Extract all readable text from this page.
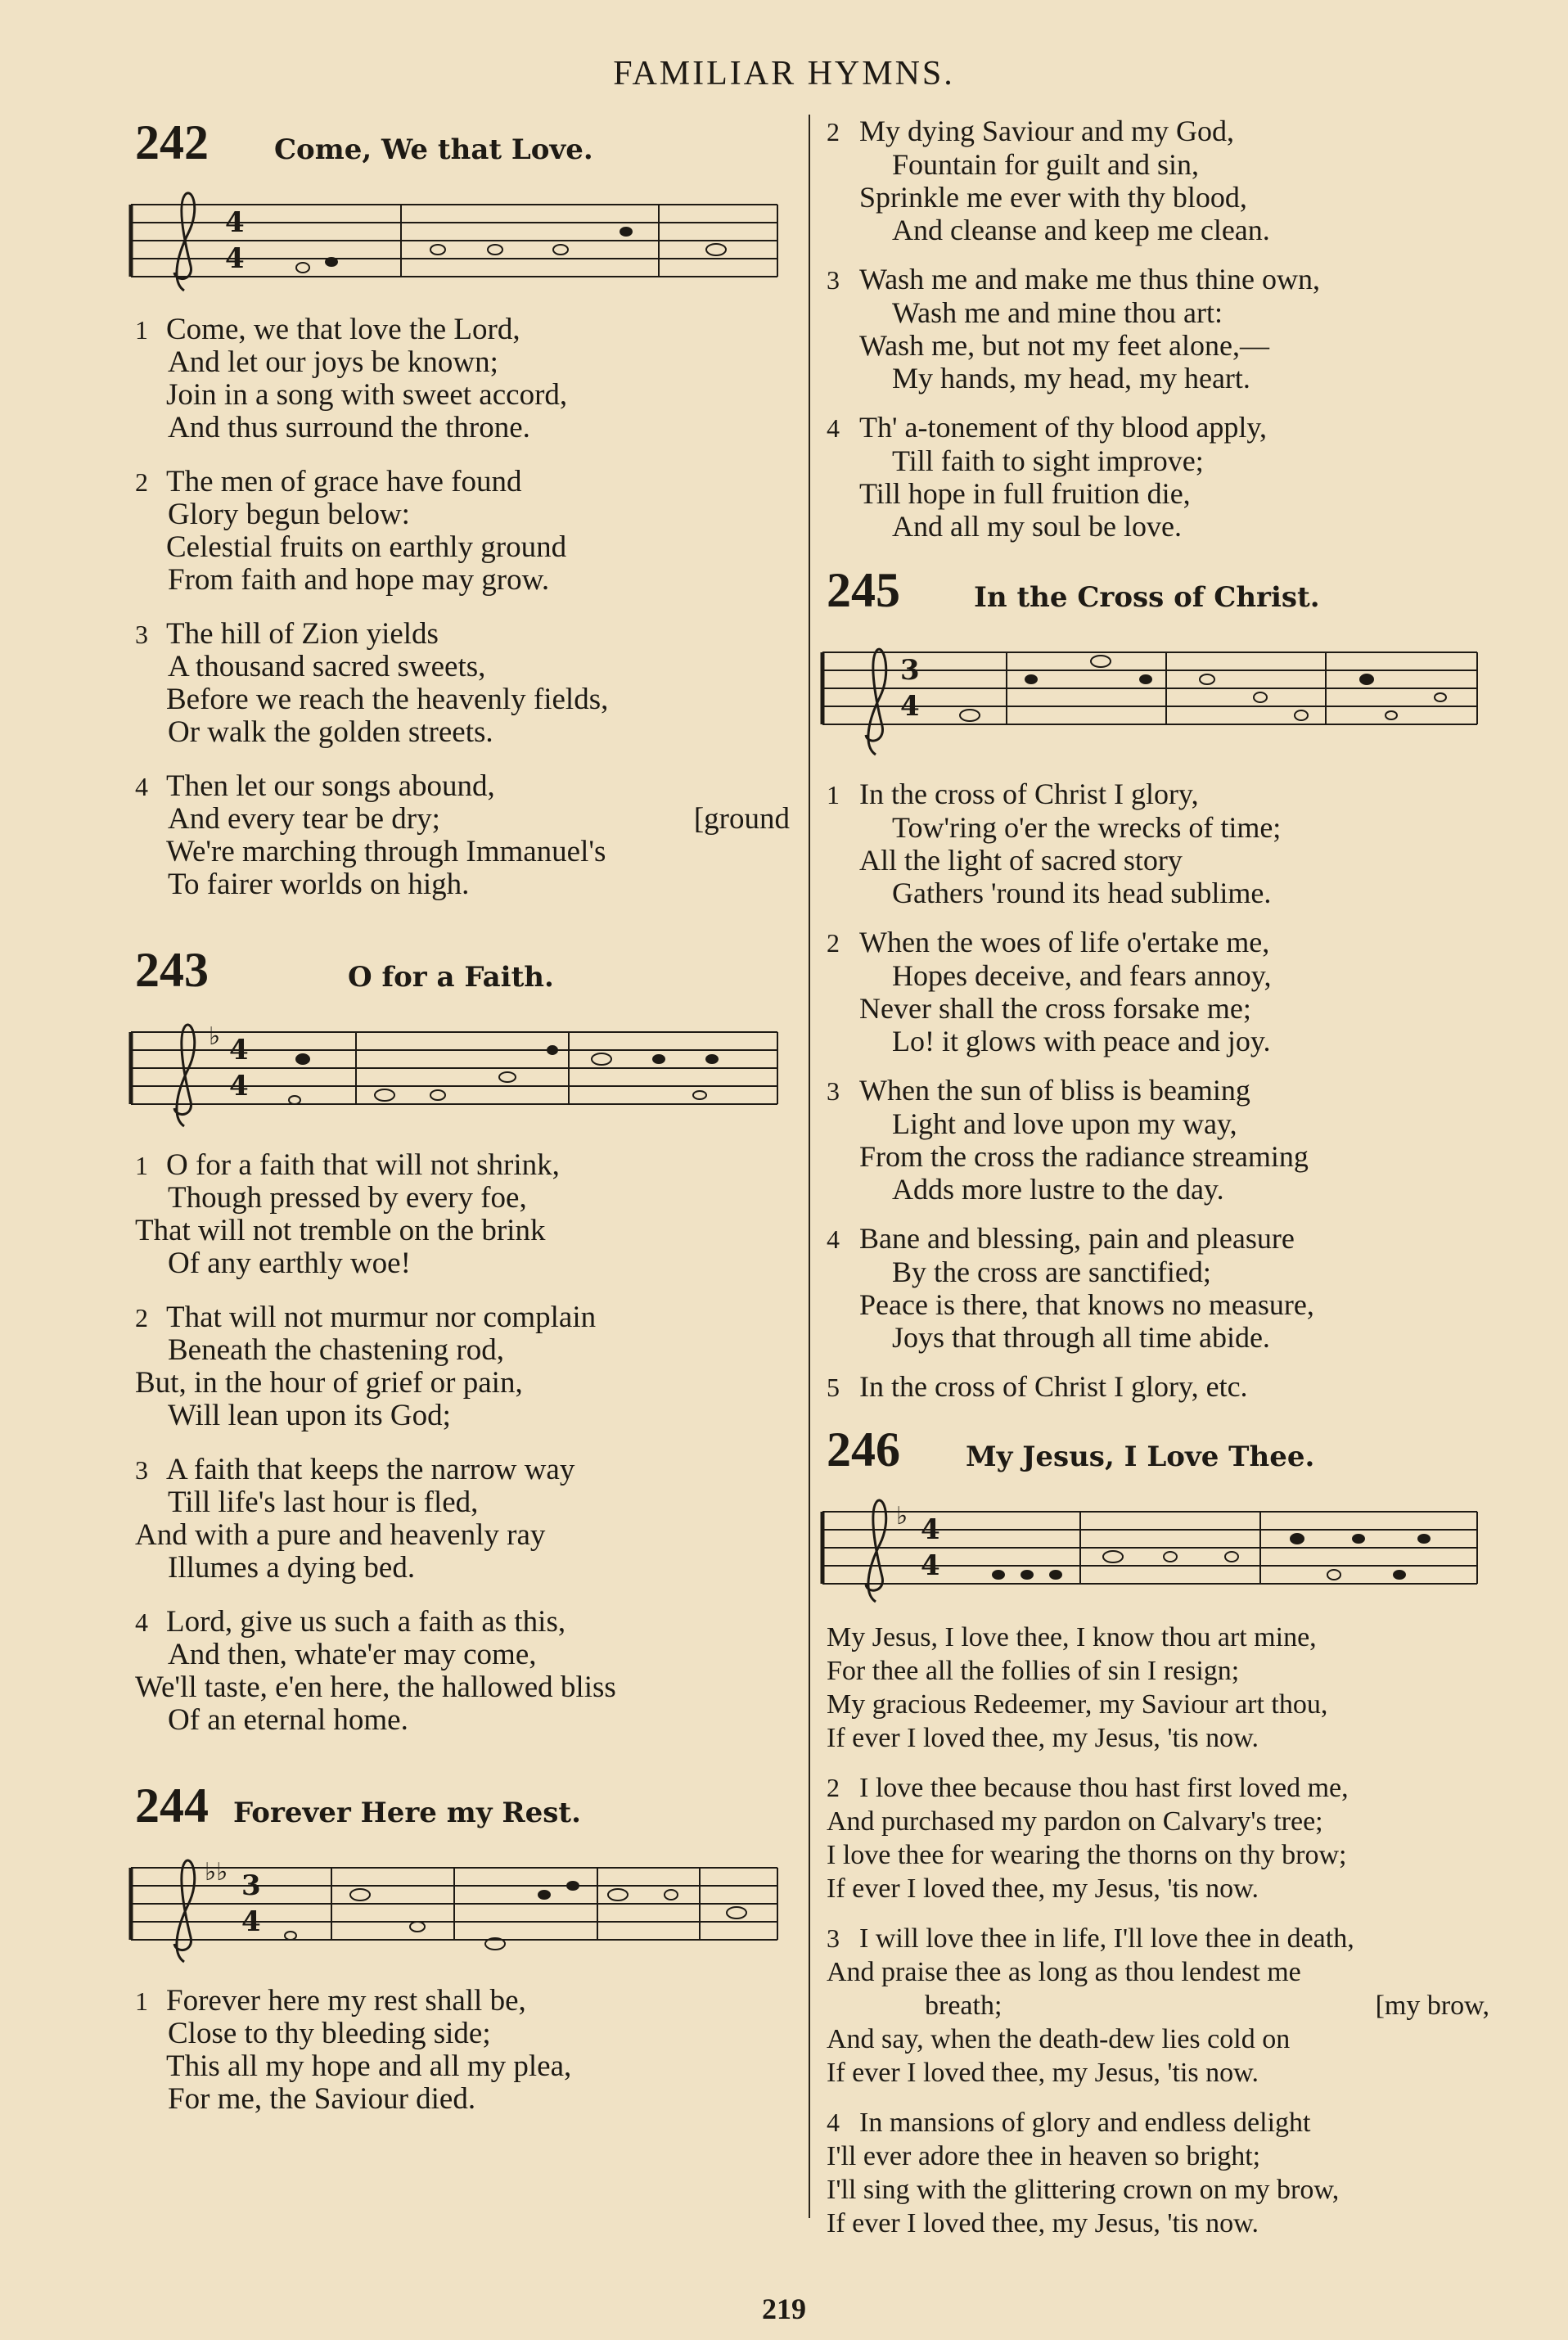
FAMILIAR HYMNS.
242	Come, We that Love.
4
4
1 Come, we that love the Lord,
And let our joys be known;
Join in a song with sweet accord,
And thus surround the throne.
2 The men of grace have found
Glory begun below:
Celestial fruits on earthly ground
From faith and hope may grow.
3 The hill of Zion yields
A thousand sacred sweets,
Before we reach the heavenly fields,
Or walk the golden streets.
4 Then let our songs abound,
And every tear be dry;	[ground
We're marching through Immanuel's
To fairer worlds on high.
243	O for a Faith.
♭ 4
4
1 O for a faith that will not shrink,
Though pressed by every foe,
That will not tremble on the brink
Of any earthly woe!
2 That will not murmur nor complain
Beneath the chastening rod,
But, in the hour of grief or pain,
Will lean upon its God;
3 A faith that keeps the narrow way
Till life's last hour is fled,
And with a pure and heavenly ray
Illumes a dying bed.
4 Lord, give us such a faith as this,
And then, whate'er may come,
We'll taste, e'en here, the hallowed bliss
Of an eternal home.
244 Forever Here my Rest.
♭♭ 3
4
1 Forever here my rest shall be,
Close to thy bleeding side;
This all my hope and all my plea,
For me, the Saviour died.
2 My dying Saviour and my God,
Fountain for guilt and sin,
Sprinkle me ever with thy blood,
And cleanse and keep me clean.
3 Wash me and make me thus thine own,
Wash me and mine thou art:
Wash me, but not my feet alone,—
My hands, my head, my heart.
4 Th' a-tonement of thy blood apply,
Till faith to sight improve;
Till hope in full fruition die,
And all my soul be love.
245	In the Cross of Christ.
3
4
1 In the cross of Christ I glory,
Tow'ring o'er the wrecks of time;
All the light of sacred story
Gathers 'round its head sublime.
2 When the woes of life o'ertake me,
Hopes deceive, and fears annoy,
Never shall the cross forsake me;
Lo! it glows with peace and joy.
3 When the sun of bliss is beaming
Light and love upon my way,
From the cross the radiance streaming
Adds more lustre to the day.
4 Bane and blessing, pain and pleasure
By the cross are sanctified;
Peace is there, that knows no measure,
Joys that through all time abide.
5 In the cross of Christ I glory, etc.
246	My Jesus, I Love Thee.
♭ 4
4
My Jesus, I love thee, I know thou art mine,
For thee all the follies of sin I resign;
My gracious Redeemer, my Saviour art thou,
If ever I loved thee, my Jesus, 'tis now.
2 I love thee because thou hast first loved me,
And purchased my pardon on Calvary's tree;
I love thee for wearing the thorns on thy brow;
If ever I loved thee, my Jesus, 'tis now.
3 I will love thee in life, I'll love thee in death,
And praise thee as long as thou lendest me
breath;	[my brow,
And say, when the death-dew lies cold on
If ever I loved thee, my Jesus, 'tis now.
4 In mansions of glory and endless delight
I'll ever adore thee in heaven so bright;
I'll sing with the glittering crown on my brow,
If ever I loved thee, my Jesus, 'tis now.
219
